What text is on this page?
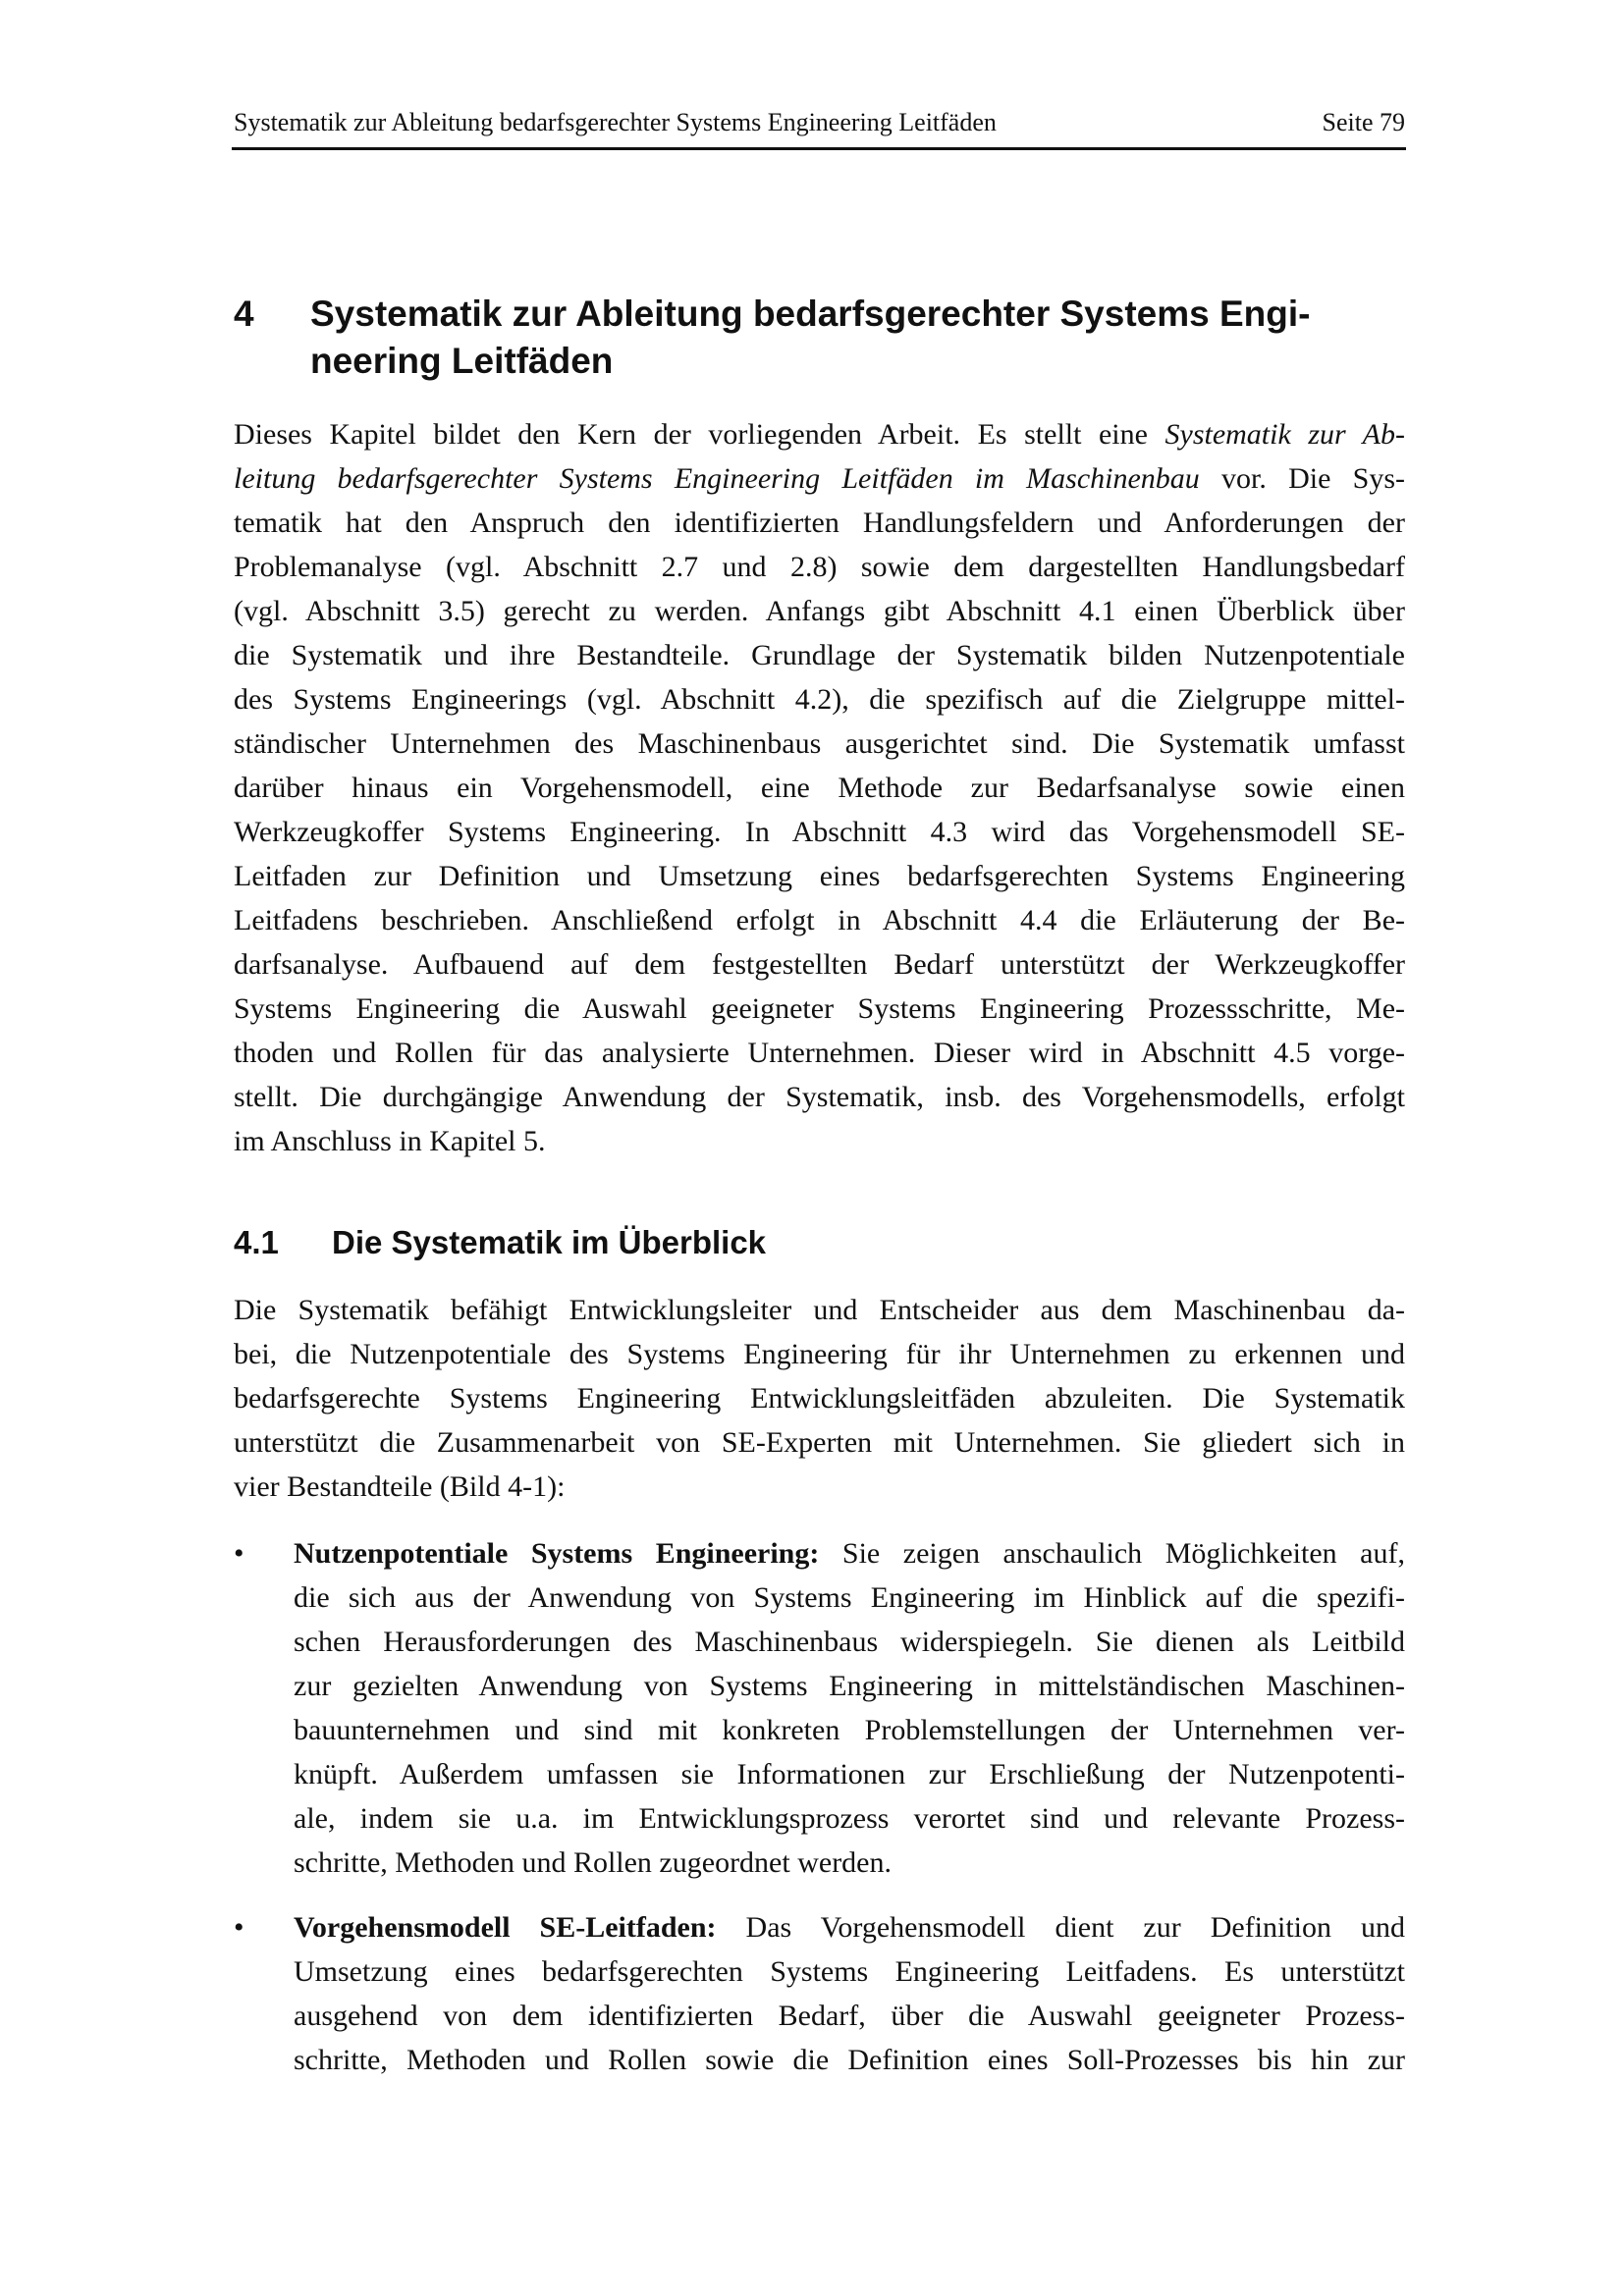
Systematik zur Ableitung bedarfsgerechter Systems Engineering Leitfäden	Seite 79
4 Systematik zur Ableitung bedarfsgerechter Systems Engi-
neering Leitfäden
Dieses Kapitel bildet den Kern der vorliegenden Arbeit. Es stellt eine Systematik zur Ab-
leitung bedarfsgerechter Systems Engineering Leitfäden im Maschinenbau vor. Die Sys-
tematik hat den Anspruch den identifizierten Handlungsfeldern und Anforderungen der
Problemanalyse (vgl. Abschnitt 2.7 und 2.8) sowie dem dargestellten Handlungsbedarf
(vgl. Abschnitt 3.5) gerecht zu werden. Anfangs gibt Abschnitt 4.1 einen Überblick über
die Systematik und ihre Bestandteile. Grundlage der Systematik bilden Nutzenpotentiale
des Systems Engineerings (vgl. Abschnitt 4.2), die spezifisch auf die Zielgruppe mittel-
ständischer Unternehmen des Maschinenbaus ausgerichtet sind. Die Systematik umfasst
darüber hinaus ein Vorgehensmodell, eine Methode zur Bedarfsanalyse sowie einen
Werkzeugkoffer Systems Engineering. In Abschnitt 4.3 wird das Vorgehensmodell SE-
Leitfaden zur Definition und Umsetzung eines bedarfsgerechten Systems Engineering
Leitfadens beschrieben. Anschließend erfolgt in Abschnitt 4.4 die Erläuterung der Be-
darfsanalyse. Aufbauend auf dem festgestellten Bedarf unterstützt der Werkzeugkoffer
Systems Engineering die Auswahl geeigneter Systems Engineering Prozessschritte, Me-
thoden und Rollen für das analysierte Unternehmen. Dieser wird in Abschnitt 4.5 vorge-
stellt. Die durchgängige Anwendung der Systematik, insb. des Vorgehensmodells, erfolgt
im Anschluss in Kapitel 5.
4.1 Die Systematik im Überblick
Die Systematik befähigt Entwicklungsleiter und Entscheider aus dem Maschinenbau da-
bei, die Nutzenpotentiale des Systems Engineering für ihr Unternehmen zu erkennen und
bedarfsgerechte Systems Engineering Entwicklungsleitfäden abzuleiten. Die Systematik
unterstützt die Zusammenarbeit von SE-Experten mit Unternehmen. Sie gliedert sich in
vier Bestandteile (Bild 4-1):
• Nutzenpotentiale Systems Engineering: Sie zeigen anschaulich Möglichkeiten auf,
die sich aus der Anwendung von Systems Engineering im Hinblick auf die spezifi-
schen Herausforderungen des Maschinenbaus widerspiegeln. Sie dienen als Leitbild
zur gezielten Anwendung von Systems Engineering in mittelständischen Maschinen-
bauunternehmen und sind mit konkreten Problemstellungen der Unternehmen ver-
knüpft. Außerdem umfassen sie Informationen zur Erschließung der Nutzenpotenti-
ale, indem sie u.a. im Entwicklungsprozess verortet sind und relevante Prozess-
schritte, Methoden und Rollen zugeordnet werden.
• Vorgehensmodell SE-Leitfaden: Das Vorgehensmodell dient zur Definition und
Umsetzung eines bedarfsgerechten Systems Engineering Leitfadens. Es unterstützt
ausgehend von dem identifizierten Bedarf, über die Auswahl geeigneter Prozess-
schritte, Methoden und Rollen sowie die Definition eines Soll-Prozesses bis hin zur
